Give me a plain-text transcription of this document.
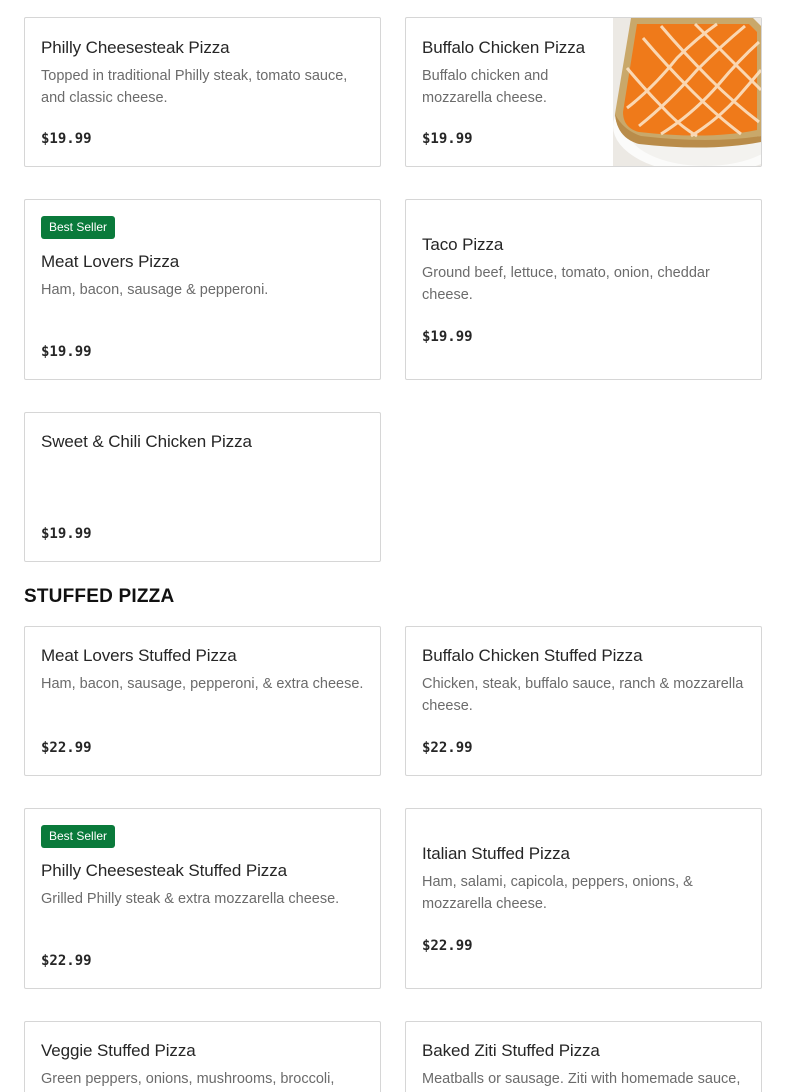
Philly Cheesesteak Pizza
Topped in traditional Philly steak, tomato sauce, and classic cheese.
$19.99
Buffalo Chicken Pizza
Buffalo chicken and mozzarella cheese.
$19.99
Best Seller
Meat Lovers Pizza
Ham, bacon, sausage & pepperoni.
$19.99
Taco Pizza
Ground beef, lettuce, tomato, onion, cheddar cheese.
$19.99
Sweet & Chili Chicken Pizza
$19.99
STUFFED PIZZA
Meat Lovers Stuffed Pizza
Ham, bacon, sausage, pepperoni, & extra cheese.
$22.99
Buffalo Chicken Stuffed Pizza
Chicken, steak, buffalo sauce, ranch & mozzarella cheese.
$22.99
Best Seller
Philly Cheesesteak Stuffed Pizza
Grilled Philly steak & extra mozzarella cheese.
$22.99
Italian Stuffed Pizza
Ham, salami, capicola, peppers, onions, & mozzarella cheese.
$22.99
Veggie Stuffed Pizza
Green peppers, onions, mushrooms, broccoli,
Baked Ziti Stuffed Pizza
Meatballs or sausage. Ziti with homemade sauce,
